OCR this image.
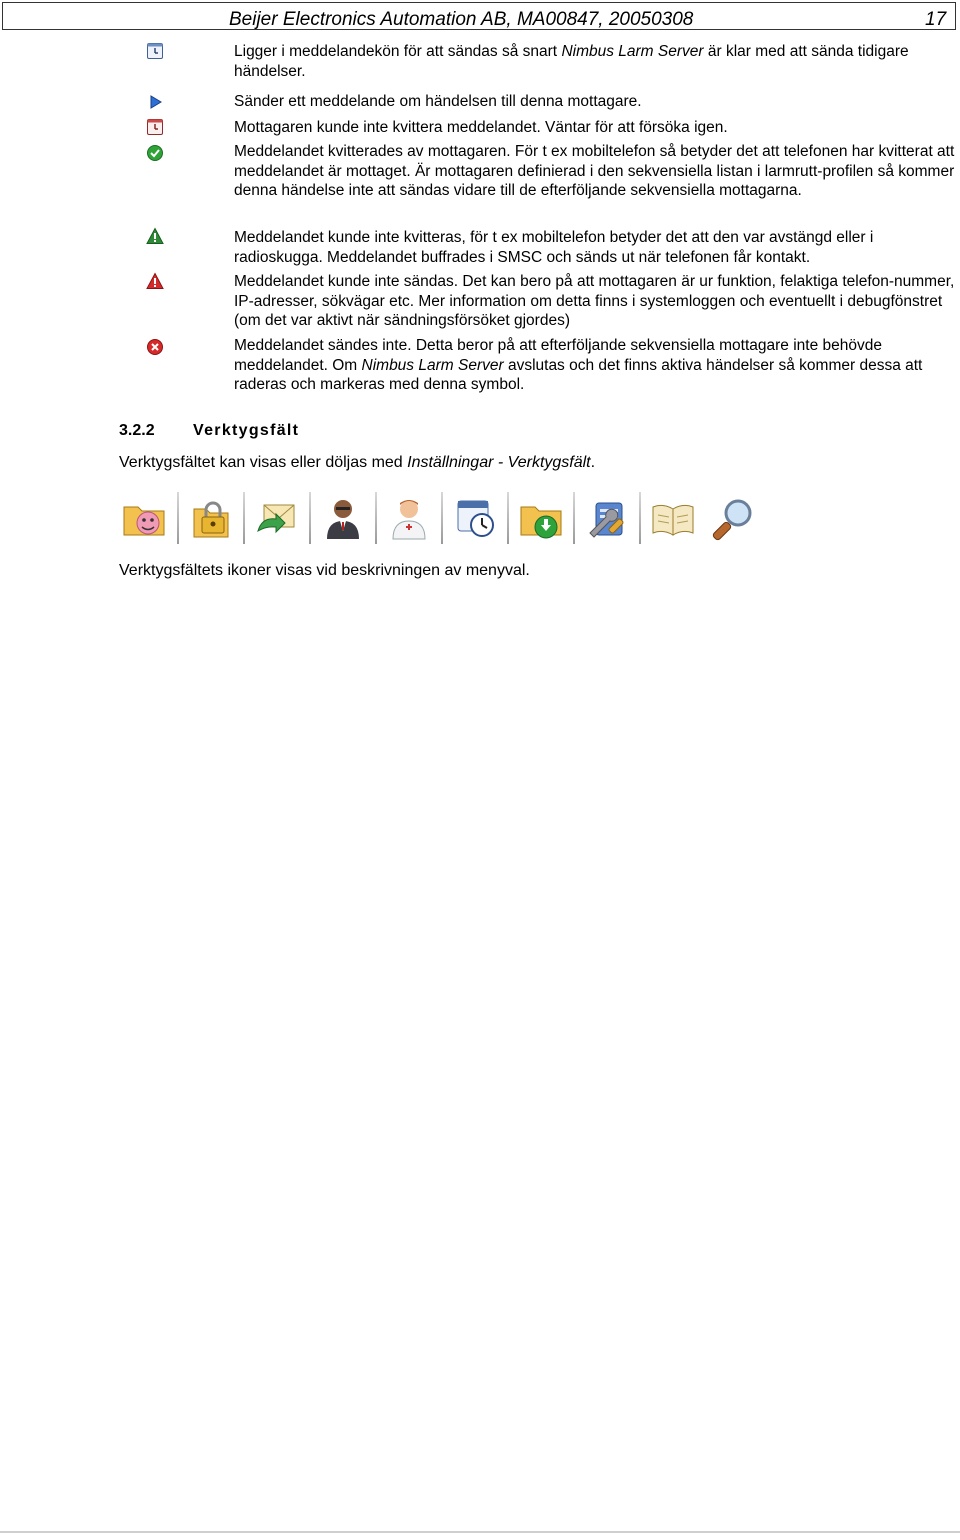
Beijer Electronics Automation AB, MA00847, 20050308	17
Ligger i meddelandekön för att sändas så snart Nimbus Larm Server är klar med att sända tidigare händelser.
Sänder ett meddelande om händelsen till denna mottagare.
Mottagaren kunde inte kvittera meddelandet. Väntar för att försöka igen.
Meddelandet kvitterades av mottagaren. För t ex mobiltelefon så betyder det att telefonen har kvitterat att meddelandet är mottaget. Är mottagaren definierad i den sekvensiella listan i larmrutt-profilen så kommer denna händelse inte att sändas vidare till de efterföljande sekvensiella mottagarna.
Meddelandet kunde inte kvitteras, för t ex mobiltelefon betyder det att den var avstängd eller i radioskugga. Meddelandet buffrades i SMSC och sänds ut när telefonen får kontakt.
Meddelandet kunde inte sändas. Det kan bero på att mottagaren är ur funktion, felaktiga telefon-nummer, IP-adresser, sökvägar etc. Mer information om detta finns i systemloggen och eventuellt i debugfönstret (om det var aktivt när sändningsförsöket gjordes)
Meddelandet sändes inte. Detta beror på att efterföljande sekvensiella mottagare inte behövde meddelandet. Om Nimbus Larm Server avslutas och det finns aktiva händelser så kommer dessa att raderas och markeras med denna symbol.
3.2.2 Verktygsfält
Verktygsfältet kan visas eller döljas med Inställningar - Verktygsfält.
Verktygsfältets ikoner visas vid beskrivningen av menyval.
